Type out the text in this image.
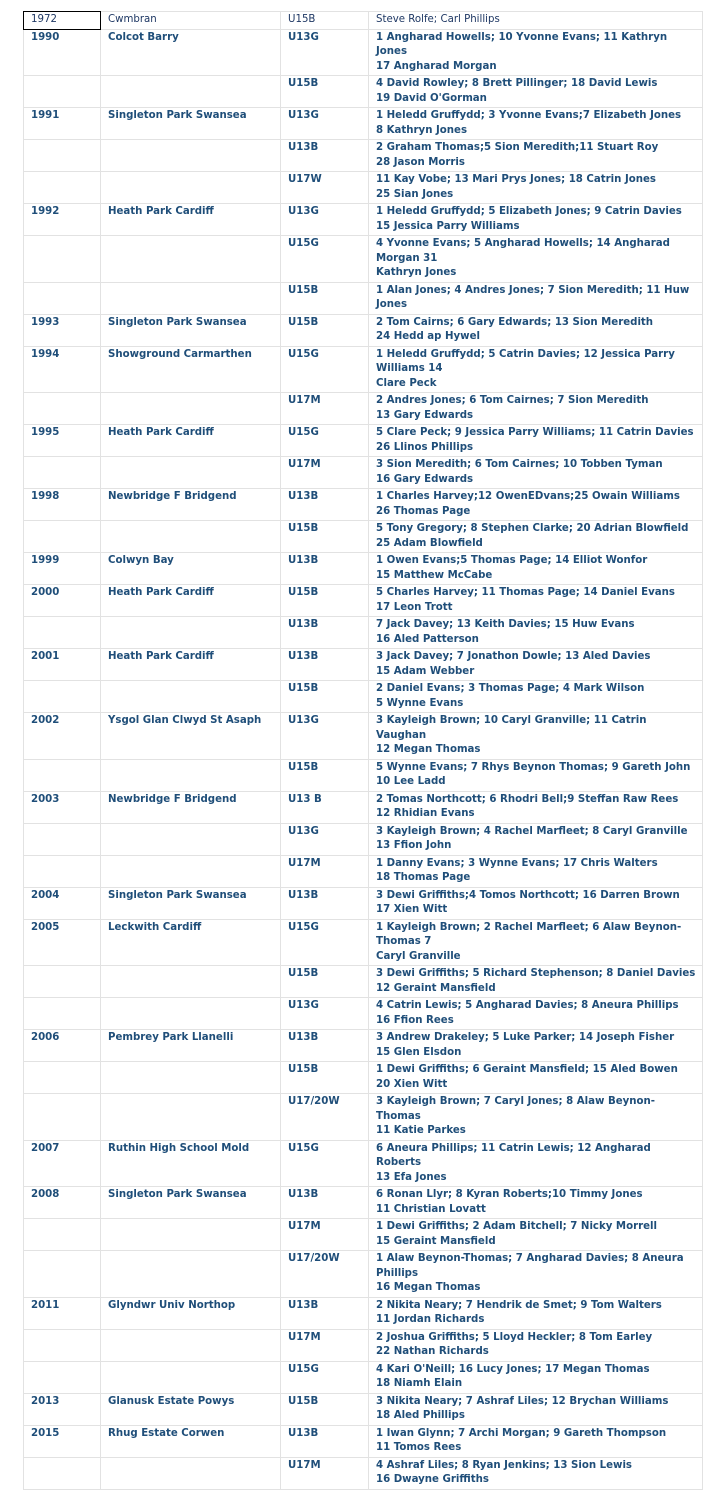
1972	Cwmbran	U15B	Steve Rolfe; Carl Phillips
1990	Colcot Barry	U13G	1 Angharad Howells; 10 Yvonne Evans; 11 Kathryn Jones
17 Angharad Morgan
		U15B	4 David Rowley; 8 Brett Pillinger; 18 David Lewis
19 David O'Gorman
1991	Singleton Park Swansea	U13G	1 Heledd Gruffydd; 3 Yvonne Evans;7 Elizabeth Jones
8 Kathryn Jones
		U13B	2 Graham Thomas;5 Sion Meredith;11 Stuart Roy
28 Jason Morris
		U17W	11 Kay Vobe; 13 Mari Prys Jones; 18 Catrin Jones
25 Sian Jones
1992	Heath Park Cardiff	U13G	1 Heledd Gruffydd; 5 Elizabeth Jones; 9 Catrin Davies
15 Jessica Parry Williams
		U15G	4 Yvonne Evans; 5 Angharad Howells; 14 Angharad Morgan 31
Kathryn Jones
		U15B	1 Alan Jones; 4 Andres Jones; 7 Sion Meredith; 11 Huw Jones
1993	Singleton Park Swansea	U15B	2 Tom Cairns; 6 Gary Edwards; 13 Sion Meredith
24 Hedd ap Hywel
1994	Showground Carmarthen	U15G	1 Heledd Gruffydd; 5 Catrin Davies; 12 Jessica Parry Williams 14
Clare Peck
		U17M	2 Andres Jones; 6 Tom Cairnes; 7 Sion Meredith
13 Gary Edwards
1995	Heath Park Cardiff	U15G	5 Clare Peck; 9 Jessica Parry Williams; 11 Catrin Davies
26 Llinos Phillips
		U17M	3 Sion Meredith; 6 Tom Cairnes; 10 Tobben Tyman
16 Gary Edwards
1998	Newbridge F Bridgend	U13B	1 Charles Harvey;12 OwenEDvans;25 Owain Williams
26 Thomas Page
		U15B	5 Tony Gregory; 8 Stephen Clarke; 20 Adrian Blowfield
25 Adam Blowfield
1999	Colwyn Bay	U13B	1 Owen Evans;5 Thomas Page; 14 Elliot Wonfor
15 Matthew McCabe
2000	Heath Park Cardiff	U15B	5 Charles Harvey; 11 Thomas Page; 14 Daniel Evans
17 Leon Trott
		U13B	7 Jack Davey; 13 Keith Davies; 15 Huw Evans
16 Aled Patterson
2001	Heath Park Cardiff	U13B	3 Jack Davey; 7 Jonathon Dowle; 13 Aled Davies
15 Adam Webber
		U15B	2 Daniel Evans; 3 Thomas Page; 4 Mark Wilson
5 Wynne Evans
2002	Ysgol Glan Clwyd St Asaph	U13G	3 Kayleigh Brown; 10 Caryl Granville; 11 Catrin Vaughan
12 Megan Thomas
		U15B	5 Wynne Evans; 7 Rhys Beynon Thomas; 9 Gareth John
10 Lee Ladd
2003	Newbridge F Bridgend	U13 B	2 Tomas Northcott; 6 Rhodri Bell;9 Steffan Raw Rees
12 Rhidian Evans
		U13G	3 Kayleigh Brown; 4 Rachel Marfleet; 8 Caryl Granville
13 Ffion John
		U17M	1 Danny Evans; 3 Wynne Evans; 17 Chris Walters
18 Thomas Page
2004	Singleton Park Swansea	U13B	3 Dewi Griffiths;4 Tomos Northcott; 16 Darren Brown
17 Xien Witt
2005	Leckwith Cardiff	U15G	1 Kayleigh Brown; 2 Rachel Marfleet; 6 Alaw Beynon-Thomas 7
Caryl Granville
		U15B	3 Dewi Griffiths; 5 Richard Stephenson; 8 Daniel Davies
12 Geraint Mansfield
		U13G	4 Catrin Lewis; 5 Angharad Davies; 8 Aneura Phillips
16 Ffion Rees
2006	Pembrey Park Llanelli	U13B	3 Andrew Drakeley; 5 Luke Parker; 14 Joseph Fisher
15 Glen Elsdon
		U15B	1 Dewi Griffiths; 6 Geraint Mansfield; 15 Aled Bowen
20 Xien Witt
		U17/20W	3 Kayleigh Brown; 7 Caryl Jones; 8 Alaw Beynon-Thomas
11 Katie Parkes
2007	Ruthin High School Mold	U15G	6 Aneura Phillips; 11 Catrin Lewis; 12 Angharad Roberts
13 Efa Jones
2008	Singleton Park Swansea	U13B	6 Ronan Llyr; 8 Kyran Roberts;10 Timmy Jones
11 Christian Lovatt
		U17M	1 Dewi Griffiths; 2 Adam Bitchell; 7 Nicky Morrell
15 Geraint Mansfield
		U17/20W	1 Alaw Beynon-Thomas; 7 Angharad Davies; 8 Aneura Phillips
16 Megan Thomas
2011	Glyndwr Univ Northop	U13B	2 Nikita Neary; 7 Hendrik de Smet; 9 Tom Walters
11 Jordan Richards
		U17M	2 Joshua Griffiths; 5 Lloyd Heckler; 8 Tom Earley
22 Nathan Richards
		U15G	4 Kari O'Neill; 16 Lucy Jones; 17 Megan Thomas
18 Niamh Elain
2013	Glanusk Estate Powys	U15B	3 Nikita Neary; 7 Ashraf Liles; 12 Brychan Williams
18 Aled Phillips
2015	Rhug Estate Corwen	U13B	1 Iwan Glynn; 7 Archi Morgan; 9 Gareth Thompson
11 Tomos Rees
		U17M	4 Ashraf Liles; 8 Ryan Jenkins; 13 Sion Lewis
16 Dwayne Griffiths
